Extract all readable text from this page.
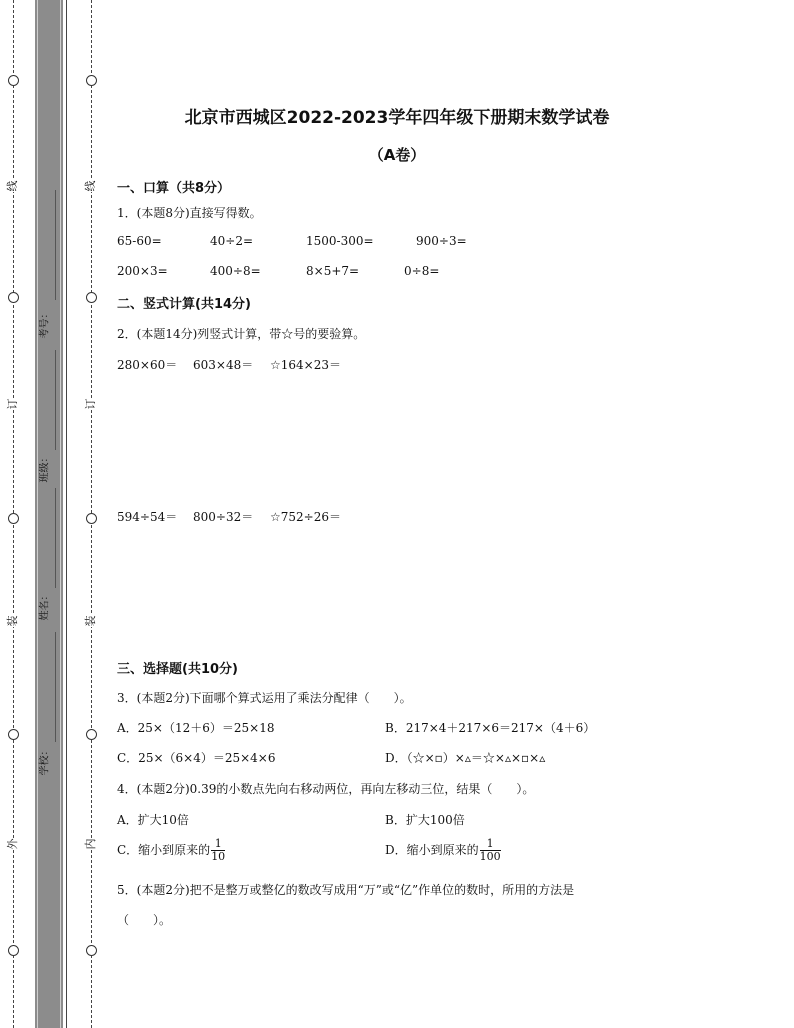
线
订
装
外
线
订
装
内
考号：
班级：
姓名：
学校：
北京市西城区2022-2023学年四年级下册期末数学试卷
（A卷）
一、口算（共8分）
1．(本题8分)直接写得数。
65-60=	40÷2=	1500-300=	900÷3=
200×3=	400÷8=	8×5+7=	0÷8=
二、竖式计算(共14分)
2．(本题14分)列竖式计算，带☆号的要验算。
280×60＝ 603×48＝ ☆164×23＝
594÷54＝ 800÷32＝ ☆752÷26＝
三、选择题(共10分)
3．(本题2分)下面哪个算式运用了乘法分配律（　　）。
A．25×（12＋6）＝25×18	B．217×4＋217×6＝217×（4＋6）
C．25×（6×4）＝25×4×6	D．（☆×▫）×▵＝☆×▵×▫×▵
4．(本题2分)0.39的小数点先向右移动两位，再向左移动三位，结果（　　）。
A．扩大10倍	B．扩大100倍
C．缩小到原来的 $\frac{1}{10}$	D．缩小到原来的 $\frac{1}{100}$
5．(本题2分)把不是整万或整亿的数改写成用“万”或“亿”作单位的数时，所用的方法是
（　　）。
